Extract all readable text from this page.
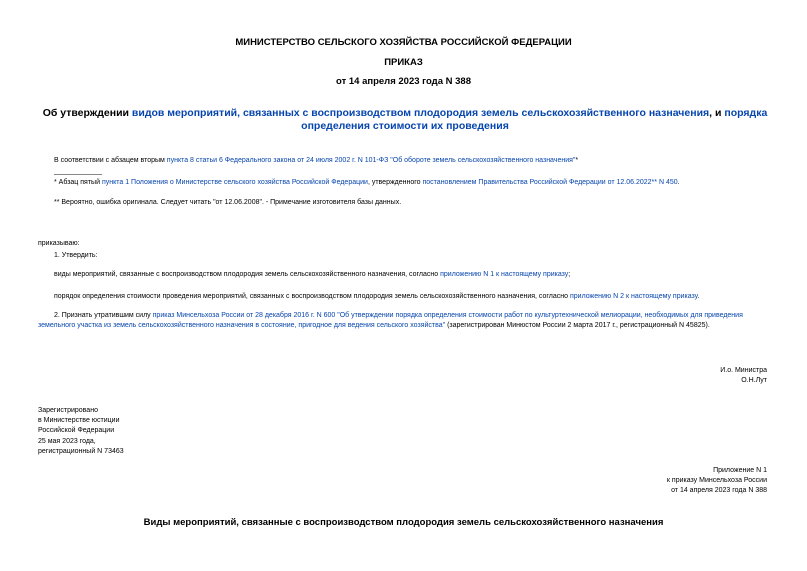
МИНИСТЕРСТВО СЕЛЬСКОГО ХОЗЯЙСТВА РОССИЙСКОЙ ФЕДЕРАЦИИ
ПРИКАЗ
от 14 апреля 2023 года N 388
Об утверждении видов мероприятий, связанных с воспроизводством плодородия земель сельскохозяйственного назначения, и порядка определения стоимости их проведения
В соответствии с абзацем вторым пункта 8 статьи 6 Федерального закона от 24 июля 2002 г. N 101-ФЗ "Об обороте земель сельскохозяйственного назначения"*
* Абзац пятый пункта 1 Положения о Министерстве сельского хозяйства Российской Федерации, утвержденного постановлением Правительства Российской Федерации от 12.06.2022** N 450.
** Вероятно, ошибка оригинала. Следует читать "от 12.06.2008". - Примечание изготовителя базы данных.
приказываю:
1. Утвердить:
виды мероприятий, связанные с воспроизводством плодородия земель сельскохозяйственного назначения, согласно приложению N 1 к настоящему приказу;
порядок определения стоимости проведения мероприятий, связанных с воспроизводством плодородия земель сельскохозяйственного назначения, согласно приложению N 2 к настоящему приказу.
2. Признать утратившим силу приказ Минсельхоза России от 28 декабря 2016 г. N 600 "Об утверждении порядка определения стоимости работ по культуртехнической мелиорации, необходимых для приведения земельного участка из земель сельскохозяйственного назначения в состояние, пригодное для ведения сельского хозяйства" (зарегистрирован Минюстом России 2 марта 2017 г., регистрационный N 45825).
И.о. Министра
О.Н.Лут
Зарегистрировано
в Министерстве юстиции
Российской Федерации
25 мая 2023 года,
регистрационный N 73463
Приложение N 1
к приказу Минсельхоза России
от 14 апреля 2023 года N 388
Виды мероприятий, связанные с воспроизводством плодородия земель сельскохозяйственного назначения
